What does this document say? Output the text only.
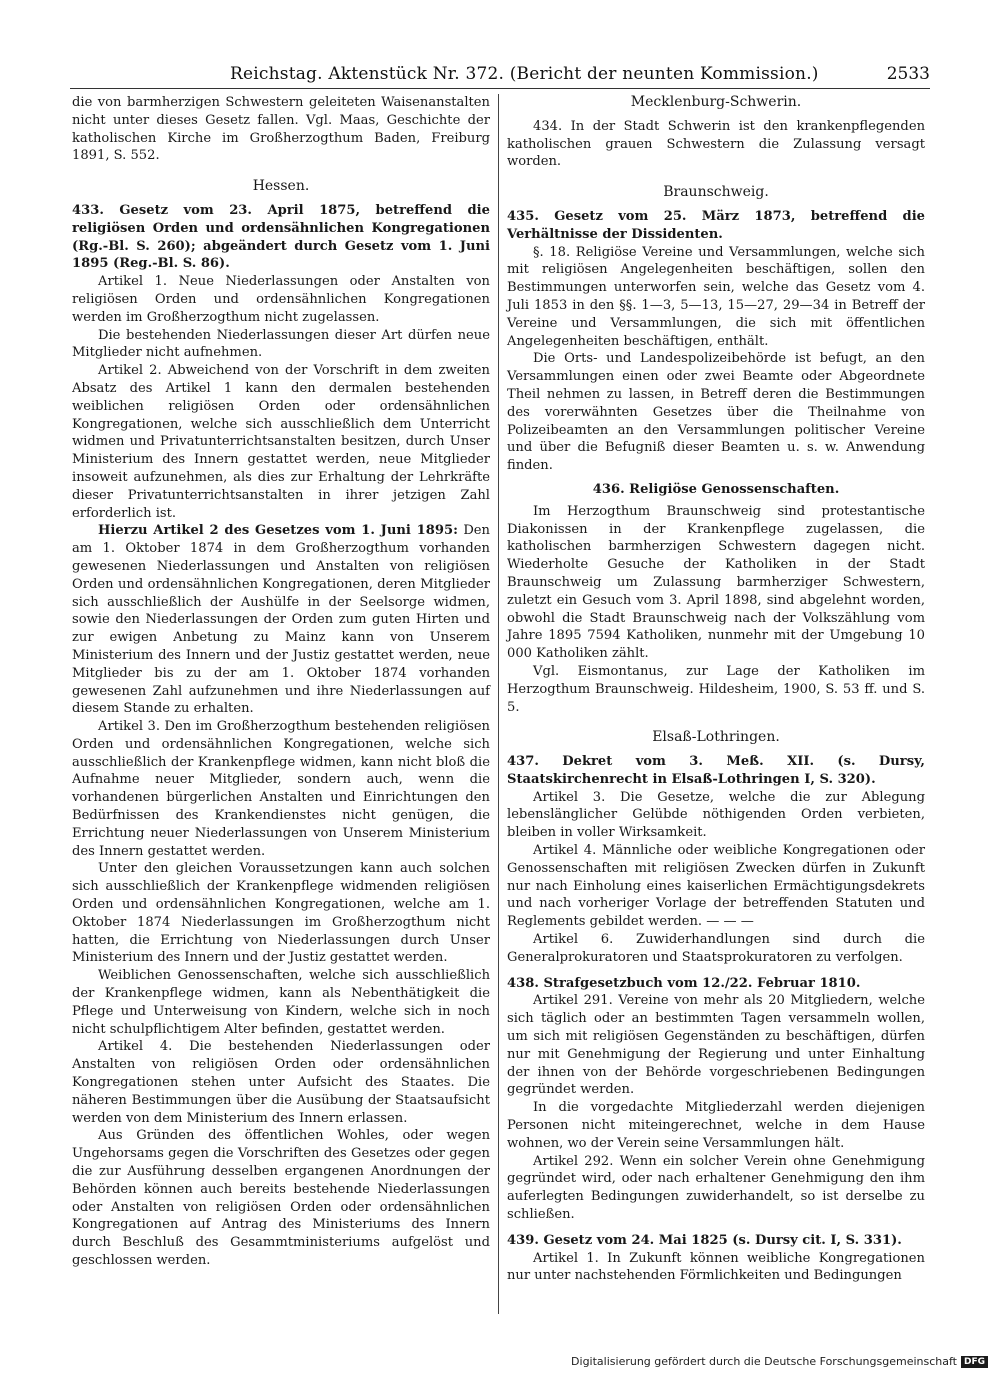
Reichstag. Aktenstück Nr. 372. (Bericht der neunten Kommission.)	2533

die von barmherzigen Schwestern geleiteten Waisenanstalten nicht unter dieses Gesetz fallen. Vgl. Maas, Geschichte der katholischen Kirche im Großherzogthum Baden, Freiburg 1891, S. 552.

Hessen.

433. Gesetz vom 23. April 1875, betreffend die religiösen Orden und ordensähnlichen Kongregationen (Rg.-Bl. S. 260); abgeändert durch Gesetz vom 1. Juni 1895 (Reg.-Bl. S. 86).

Artikel 1. Neue Niederlassungen oder Anstalten von religiösen Orden und ordensähnlichen Kongregationen werden im Großherzogthum nicht zugelassen.

Die bestehenden Niederlassungen dieser Art dürfen neue Mitglieder nicht aufnehmen.

Artikel 2. Abweichend von der Vorschrift in dem zweiten Absatz des Artikel 1 kann den dermalen bestehenden weiblichen religiösen Orden oder ordensähnlichen Kongregationen, welche sich ausschließlich dem Unterricht widmen und Privatunterrichtsanstalten besitzen, durch Unser Ministerium des Innern gestattet werden, neue Mitglieder insoweit aufzunehmen, als dies zur Erhaltung der Lehrkräfte dieser Privatunterrichtsanstalten in ihrer jetzigen Zahl erforderlich ist.

Hierzu Artikel 2 des Gesetzes vom 1. Juni 1895: Den am 1. Oktober 1874 in dem Großherzogthum vorhanden gewesenen Niederlassungen und Anstalten von religiösen Orden und ordensähnlichen Kongregationen, deren Mitglieder sich ausschließlich der Aushülfe in der Seelsorge widmen, sowie den Niederlassungen der Orden zum guten Hirten und zur ewigen Anbetung zu Mainz kann von Unserem Ministerium des Innern und der Justiz gestattet werden, neue Mitglieder bis zu der am 1. Oktober 1874 vorhanden gewesenen Zahl aufzunehmen und ihre Niederlassungen auf diesem Stande zu erhalten.

Artikel 3. Den im Großherzogthum bestehenden religiösen Orden und ordensähnlichen Kongregationen, welche sich ausschließlich der Krankenpflege widmen, kann nicht bloß die Aufnahme neuer Mitglieder, sondern auch, wenn die vorhandenen bürgerlichen Anstalten und Einrichtungen den Bedürfnissen des Krankendienstes nicht genügen, die Errichtung neuer Niederlassungen von Unserem Ministerium des Innern gestattet werden.

Unter den gleichen Voraussetzungen kann auch solchen sich ausschließlich der Krankenpflege widmenden religiösen Orden und ordensähnlichen Kongregationen, welche am 1. Oktober 1874 Niederlassungen im Großherzogthum nicht hatten, die Errichtung von Niederlassungen durch Unser Ministerium des Innern und der Justiz gestattet werden.

Weiblichen Genossenschaften, welche sich ausschließlich der Krankenpflege widmen, kann als Nebenthätigkeit die Pflege und Unterweisung von Kindern, welche sich in noch nicht schulpflichtigem Alter befinden, gestattet werden.

Artikel 4. Die bestehenden Niederlassungen oder Anstalten von religiösen Orden oder ordensähnlichen Kongregationen stehen unter Aufsicht des Staates. Die näheren Bestimmungen über die Ausübung der Staatsaufsicht werden von dem Ministerium des Innern erlassen.

Aus Gründen des öffentlichen Wohles, oder wegen Ungehorsams gegen die Vorschriften des Gesetzes oder gegen die zur Ausführung desselben ergangenen Anordnungen der Behörden können auch bereits bestehende Niederlassungen oder Anstalten von religiösen Orden oder ordensähnlichen Kongregationen auf Antrag des Ministeriums des Innern durch Beschluß des Gesammtministeriums aufgelöst und geschlossen werden.

Mecklenburg-Schwerin.

434. In der Stadt Schwerin ist den krankenpflegenden katholischen grauen Schwestern die Zulassung versagt worden.

Braunschweig.

435. Gesetz vom 25. März 1873, betreffend die Verhältnisse der Dissidenten.

§. 18. Religiöse Vereine und Versammlungen, welche sich mit religiösen Angelegenheiten beschäftigen, sollen den Bestimmungen unterworfen sein, welche das Gesetz vom 4. Juli 1853 in den §§. 1—3, 5—13, 15—27, 29—34 in Betreff der Vereine und Versammlungen, die sich mit öffentlichen Angelegenheiten beschäftigen, enthält.

Die Orts- und Landespolizeibehörde ist befugt, an den Versammlungen einen oder zwei Beamte oder Abgeordnete Theil nehmen zu lassen, in Betreff deren die Bestimmungen des vorerwähnten Gesetzes über die Theilnahme von Polizeibeamten an den Versammlungen politischer Vereine und über die Befugniß dieser Beamten u. s. w. Anwendung finden.

436. Religiöse Genossenschaften.

Im Herzogthum Braunschweig sind protestantische Diakonissen in der Krankenpflege zugelassen, die katholischen barmherzigen Schwestern dagegen nicht. Wiederholte Gesuche der Katholiken in der Stadt Braunschweig um Zulassung barmherziger Schwestern, zuletzt ein Gesuch vom 3. April 1898, sind abgelehnt worden, obwohl die Stadt Braunschweig nach der Volkszählung vom Jahre 1895 7594 Katholiken, nunmehr mit der Umgebung 10 000 Katholiken zählt.

Vgl. Eismontanus, zur Lage der Katholiken im Herzogthum Braunschweig. Hildesheim, 1900, S. 53 ff. und S. 5.

Elsaß-Lothringen.

437. Dekret vom 3. Meß. XII. (s. Dursy, Staatskirchenrecht in Elsaß-Lothringen I, S. 320).

Artikel 3. Die Gesetze, welche die zur Ablegung lebenslänglicher Gelübde nöthigenden Orden verbieten, bleiben in voller Wirksamkeit.

Artikel 4. Männliche oder weibliche Kongregationen oder Genossenschaften mit religiösen Zwecken dürfen in Zukunft nur nach Einholung eines kaiserlichen Ermächtigungsdekrets und nach vorheriger Vorlage der betreffenden Statuten und Reglements gebildet werden. — — —

Artikel 6. Zuwiderhandlungen sind durch die Generalprokuratoren und Staatsprokuratoren zu verfolgen.

438. Strafgesetzbuch vom 12./22. Februar 1810.

Artikel 291. Vereine von mehr als 20 Mitgliedern, welche sich täglich oder an bestimmten Tagen versammeln wollen, um sich mit religiösen Gegenständen zu beschäftigen, dürfen nur mit Genehmigung der Regierung und unter Einhaltung der ihnen von der Behörde vorgeschriebenen Bedingungen gegründet werden.

In die vorgedachte Mitgliederzahl werden diejenigen Personen nicht miteingerechnet, welche in dem Hause wohnen, wo der Verein seine Versammlungen hält.

Artikel 292. Wenn ein solcher Verein ohne Genehmigung gegründet wird, oder nach erhaltener Genehmigung den ihm auferlegten Bedingungen zuwiderhandelt, so ist derselbe zu schließen.

439. Gesetz vom 24. Mai 1825 (s. Dursy cit. I, S. 331).

Artikel 1. In Zukunft können weibliche Kongregationen nur unter nachstehenden Förmlichkeiten und Bedingungen

Digitalisierung gefördert durch die Deutsche Forschungsgemeinschaft DFG
